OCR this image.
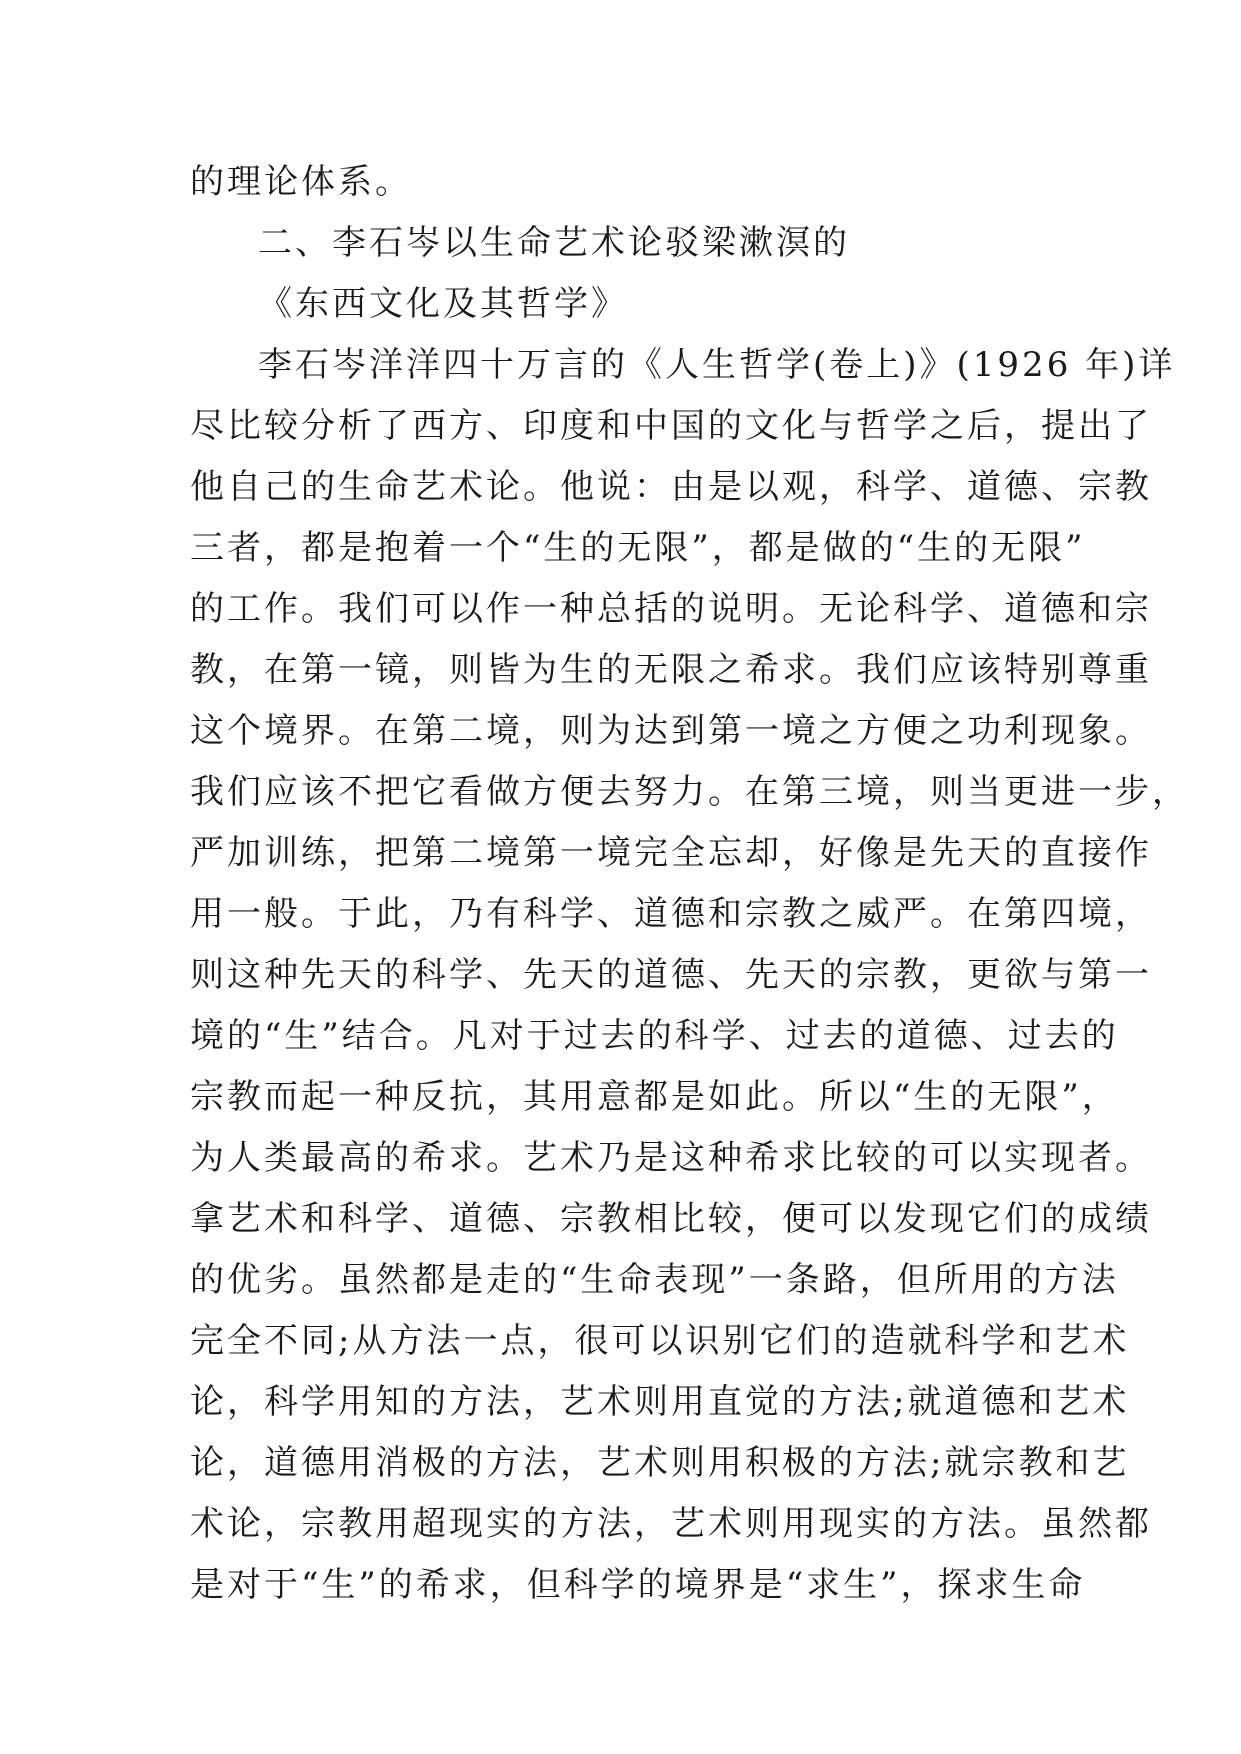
的理论体系。
二、李石岑以生命艺术论驳梁漱溟的
《东西文化及其哲学》
李石岑洋洋四十万言的《人生哲学(卷上)》(1926 年)详
尽比较分析了西方、印度和中国的文化与哲学之后，提出了
他自己的生命艺术论。他说：由是以观，科学、道德、宗教
三者，都是抱着一个“生的无限”，都是做的“生的无限”
的工作。我们可以作一种总括的说明。无论科学、道德和宗
教，在第一镜，则皆为生的无限之希求。我们应该特别尊重
这个境界。在第二境，则为达到第一境之方便之功利现象。
我们应该不把它看做方便去努力。在第三境，则当更进一步，
严加训练，把第二境第一境完全忘却，好像是先天的直接作
用一般。于此，乃有科学、道德和宗教之威严。在第四境，
则这种先天的科学、先天的道德、先天的宗教，更欲与第一
境的“生”结合。凡对于过去的科学、过去的道德、过去的
宗教而起一种反抗，其用意都是如此。所以“生的无限”，
为人类最高的希求。艺术乃是这种希求比较的可以实现者。
拿艺术和科学、道德、宗教相比较，便可以发现它们的成绩
的优劣。虽然都是走的“生命表现”一条路，但所用的方法
完全不同;从方法一点，很可以识别它们的造就科学和艺术
论，科学用知的方法，艺术则用直觉的方法;就道德和艺术
论，道德用消极的方法，艺术则用积极的方法;就宗教和艺
术论，宗教用超现实的方法，艺术则用现实的方法。虽然都
是对于“生”的希求，但科学的境界是“求生”，探求生命
